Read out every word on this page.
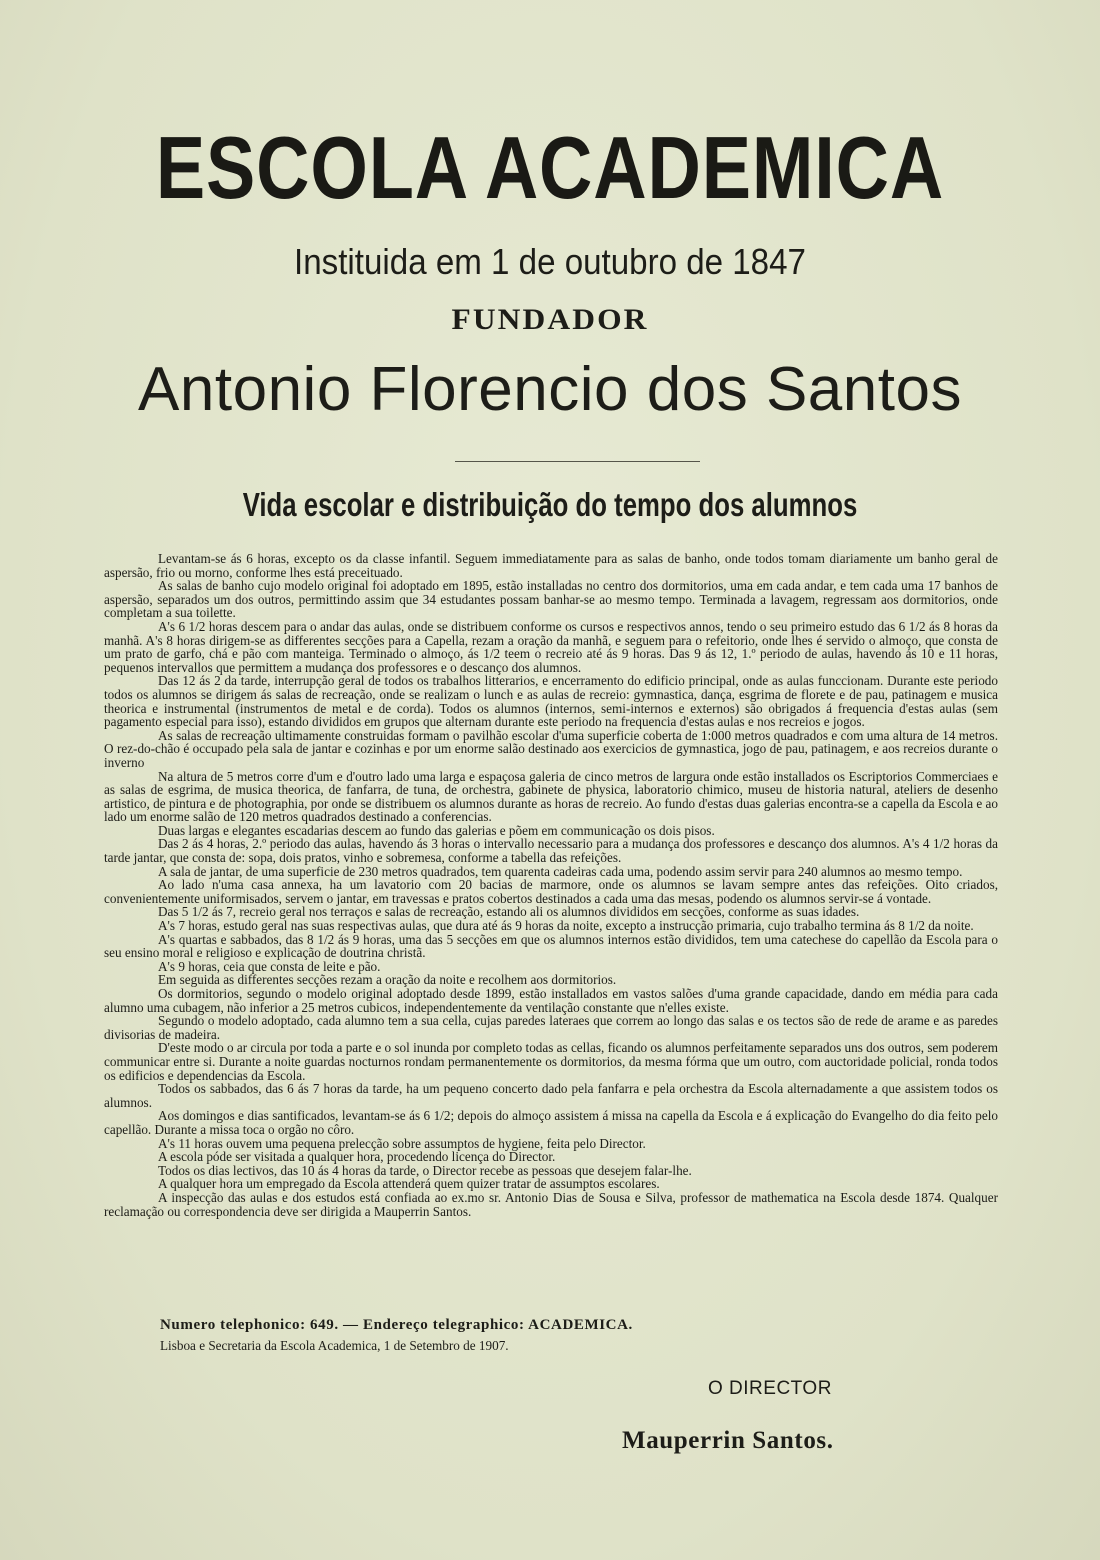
ESCOLA ACADEMICA
Instituida em 1 de outubro de 1847
FUNDADOR
Antonio Florencio dos Santos
Vida escolar e distribuição do tempo dos alumnos

Levantam-se ás 6 horas, excepto os da classe infantil. Seguem immediatamente para as salas de banho, onde todos tomam diariamente um banho geral de aspersão, frio ou morno, conforme lhes está preceituado.

As salas de banho cujo modelo original foi adoptado em 1895, estão installadas no centro dos dormitorios, uma em cada andar, e tem cada uma 17 banhos de aspersão, separados um dos outros, permittindo assim que 34 estudantes possam banhar-se ao mesmo tempo. Terminada a lavagem, regressam aos dormitorios, onde completam a sua toilette.

A's 6 1/2 horas descem para o andar das aulas, onde se distribuem conforme os cursos e respectivos annos, tendo o seu primeiro estudo das 6 1/2 ás 8 horas da manhã. A's 8 horas dirigem-se as differentes secções para a Capella, rezam a oração da manhã, e seguem para o refeitorio, onde lhes é servido o almoço, que consta de um prato de garfo, chá e pão com manteiga. Terminado o almoço, ás 1/2 teem o recreio até ás 9 horas. Das 9 ás 12, 1.º periodo de aulas, havendo ás 10 e 11 horas, pequenos intervallos que permittem a mudança dos professores e o descanço dos alumnos.

Das 12 ás 2 da tarde, interrupção geral de todos os trabalhos litterarios, e encerramento do edificio principal, onde as aulas funccionam. Durante este periodo todos os alumnos se dirigem ás salas de recreação, onde se realizam o lunch e as aulas de recreio: gymnastica, dança, esgrima de florete e de pau, patinagem e musica theorica e instrumental (instrumentos de metal e de corda). Todos os alumnos (internos, semi-internos e externos) são obrigados á frequencia d'estas aulas (sem pagamento especial para isso), estando divididos em grupos que alternam durante este periodo na frequencia d'estas aulas e nos recreios e jogos.

As salas de recreação ultimamente construidas formam o pavilhão escolar d'uma superficie coberta de 1:000 metros quadrados e com uma altura de 14 metros. O rez-do-chão é occupado pela sala de jantar e cozinhas e por um enorme salão destinado aos exercicios de gymnastica, jogo de pau, patinagem, e aos recreios durante o inverno

Na altura de 5 metros corre d'um e d'outro lado uma larga e espaçosa galeria de cinco metros de largura onde estão installados os Escriptorios Commerciaes e as salas de esgrima, de musica theorica, de fanfarra, de tuna, de orchestra, gabinete de physica, laboratorio chimico, museu de historia natural, ateliers de desenho artistico, de pintura e de photographia, por onde se distribuem os alumnos durante as horas de recreio. Ao fundo d'estas duas galerias encontra-se a capella da Escola e ao lado um enorme salão de 120 metros quadrados destinado a conferencias.

Duas largas e elegantes escadarias descem ao fundo das galerias e põem em communicação os dois pisos.

Das 2 ás 4 horas, 2.º periodo das aulas, havendo ás 3 horas o intervallo necessario para a mudança dos professores e descanço dos alumnos. A's 4 1/2 horas da tarde jantar, que consta de: sopa, dois pratos, vinho e sobremesa, conforme a tabella das refeições.

A sala de jantar, de uma superficie de 230 metros quadrados, tem quarenta cadeiras cada uma, podendo assim servir para 240 alumnos ao mesmo tempo.

Ao lado n'uma casa annexa, ha um lavatorio com 20 bacias de marmore, onde os alumnos se lavam sempre antes das refeições. Oito criados, convenientemente uniformisados, servem o jantar, em travessas e pratos cobertos destinados a cada uma das mesas, podendo os alumnos servir-se á vontade.

Das 5 1/2 ás 7, recreio geral nos terraços e salas de recreação, estando ali os alumnos divididos em secções, conforme as suas idades.

A's 7 horas, estudo geral nas suas respectivas aulas, que dura até ás 9 horas da noite, excepto a instrucção primaria, cujo trabalho termina ás 8 1/2 da noite.

A's quartas e sabbados, das 8 1/2 ás 9 horas, uma das 5 secções em que os alumnos internos estão divididos, tem uma catechese do capellão da Escola para o seu ensino moral e religioso e explicação de doutrina christã.

A's 9 horas, ceia que consta de leite e pão.

Em seguida as differentes secções rezam a oração da noite e recolhem aos dormitorios.

Os dormitorios, segundo o modelo original adoptado desde 1899, estão installados em vastos salões d'uma grande capacidade, dando em média para cada alumno uma cubagem, não inferior a 25 metros cubicos, independentemente da ventilação constante que n'elles existe.

Segundo o modelo adoptado, cada alumno tem a sua cella, cujas paredes lateraes que correm ao longo das salas e os tectos são de rede de arame e as paredes divisorias de madeira.

D'este modo o ar circula por toda a parte e o sol inunda por completo todas as cellas, ficando os alumnos perfeitamente separados uns dos outros, sem poderem communicar entre si. Durante a noite guardas nocturnos rondam permanentemente os dormitorios, da mesma fórma que um outro, com auctoridade policial, ronda todos os edificios e dependencias da Escola.

Todos os sabbados, das 6 ás 7 horas da tarde, ha um pequeno concerto dado pela fanfarra e pela orchestra da Escola alternadamente a que assistem todos os alumnos.

Aos domingos e dias santificados, levantam-se ás 6 1/2; depois do almoço assistem á missa na capella da Escola e á explicação do Evangelho do dia feito pelo capellão. Durante a missa toca o orgão no côro.

A's 11 horas ouvem uma pequena prelecção sobre assumptos de hygiene, feita pelo Director.

A escola póde ser visitada a qualquer hora, procedendo licença do Director.

Todos os dias lectivos, das 10 ás 4 horas da tarde, o Director recebe as pessoas que desejem falar-lhe.

A qualquer hora um empregado da Escola attenderá quem quizer tratar de assumptos escolares.

A inspecção das aulas e dos estudos está confiada ao ex.mo sr. Antonio Dias de Sousa e Silva, professor de mathematica na Escola desde 1874. Qualquer reclamação ou correspondencia deve ser dirigida a Mauperrin Santos.

Numero telephonico: 649. — Endereço telegraphico: ACADEMICA.
Lisboa e Secretaria da Escola Academica, 1 de Setembro de 1907.
O DIRECTOR
Mauperrin Santos.
